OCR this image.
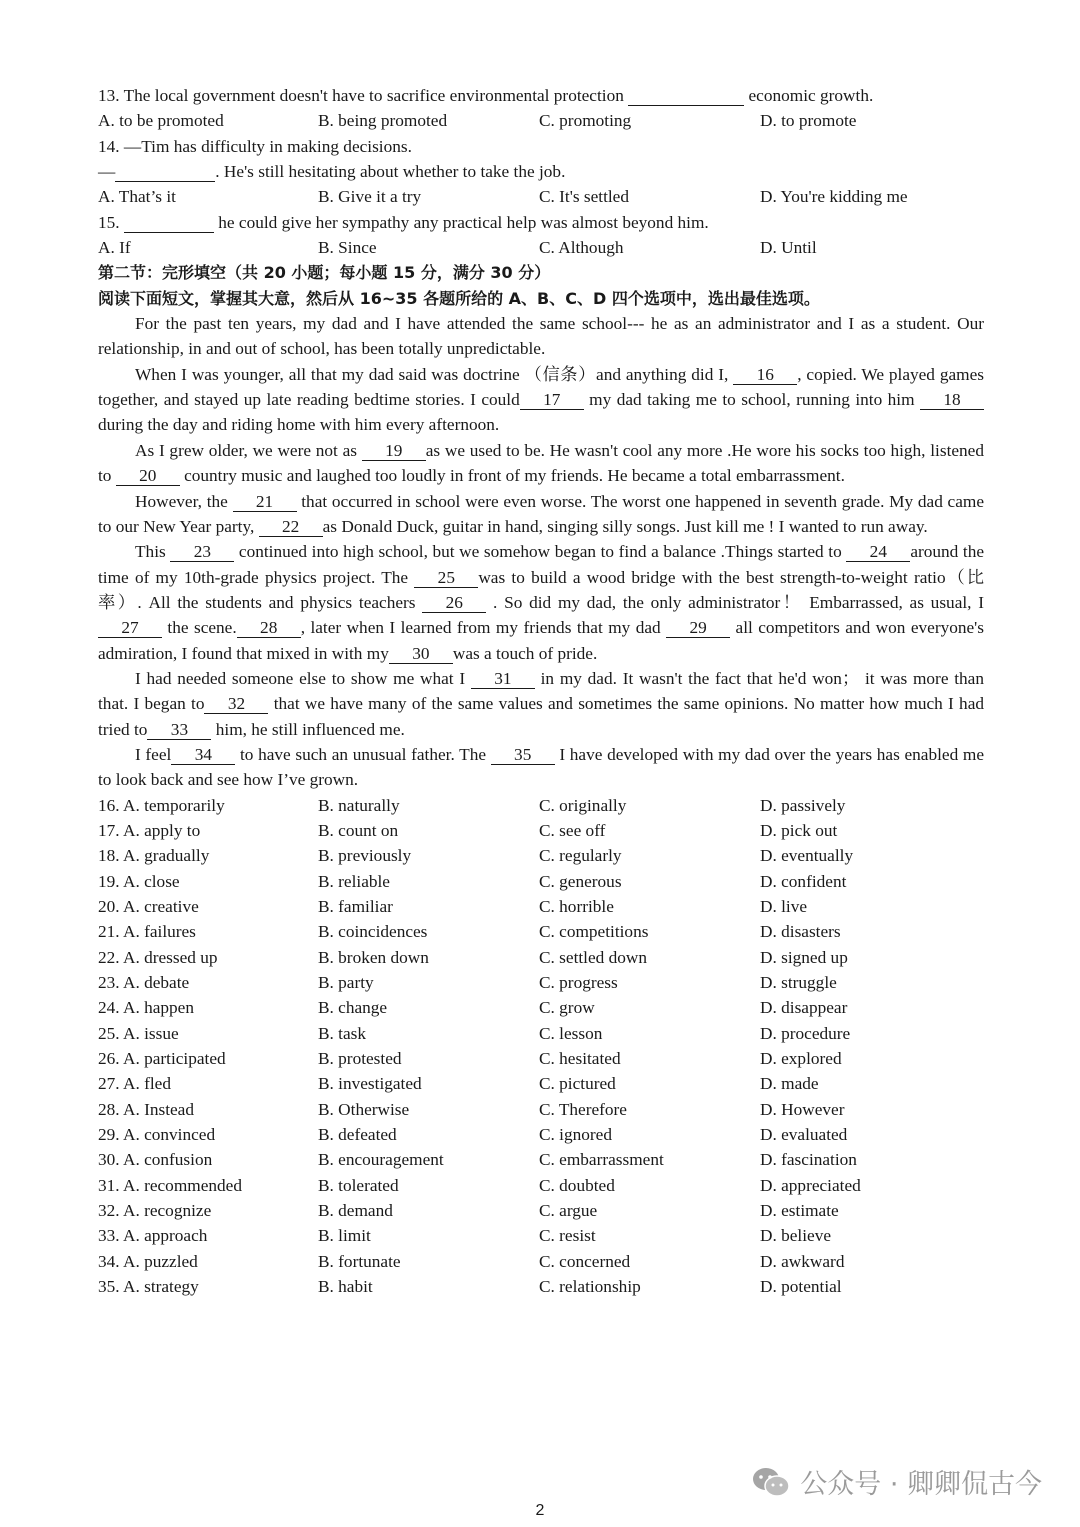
13. The local government doesn't have to sacrifice environmental protection	economic growth.
A. to be promoted	B. being promoted	C. promoting	D. to promote
14. —Tim has difficulty in making decisions.
—	. He's still hesitating about whether to take the job.
A. That’s it	B. Give it a try	C. It's settled	D. You're kidding me
15.	he could give her sympathy any practical help was almost beyond him.
A. If	B. Since	C. Although	D. Until
第二节：完形填空（共 20 小题；每小题 15 分，满分 30 分）
阅读下面短文，掌握其大意，然后从 16~35 各题所给的 A、B、C、D 四个选项中，选出最佳选项。
For the past ten years, my dad and I have attended the same school--- he as an administrator and I as a student. Our relationship, in and out of school, has been totally unpredictable.
When I was younger, all that my dad said was doctrine （信条）and anything did I, 16 , copied. We played games together, and stayed up late reading bedtime stories. I could 17 my dad taking me to school, running into him 18 during the day and riding home with him every afternoon.
As I grew older, we were not as 19 as we used to be. He wasn't cool any more .He wore his socks too high, listened to 20 country music and laughed too loudly in front of my friends. He became a total embarrassment.
However, the 21 that occurred in school were even worse. The worst one happened in seventh grade. My dad came to our New Year party, 22 as Donald Duck, guitar in hand, singing silly songs. Just kill me ! I wanted to run away.
This 23 continued into high school, but we somehow began to find a balance .Things started to 24 around the time of my 10th-grade physics project. The 25 was to build a wood bridge with the best strength-to-weight ratio（比率）. All the students and physics teachers 26 . So did my dad, the only administrator！ Embarrassed, as usual, I 27 the scene. 28 , later when I learned from my friends that my dad 29 all competitors and won everyone's admiration, I found that mixed in with my 30 was a touch of pride.
I had needed someone else to show me what I 31 in my dad. It wasn't the fact that he'd won； it was more than that. I began to 32 that we have many of the same values and sometimes the same opinions. No matter how much I had tried to 33 him, he still influenced me.
I feel 34 to have such an unusual father. The 35 I have developed with my dad over the years has enabled me to look back and see how I’ve grown.
16. A. temporarily	B. naturally	C. originally	D. passively
17. A. apply to	B. count on	C. see off	D. pick out
18. A. gradually	B. previously	C. regularly	D. eventually
19. A. close	B. reliable	C. generous	D. confident
20. A. creative	B. familiar	C. horrible	D. live
21. A. failures	B. coincidences	C. competitions	D. disasters
22. A. dressed up	B. broken down	C. settled down	D. signed up
23. A. debate	B. party	C. progress	D. struggle
24. A. happen	B. change	C. grow	D. disappear
25. A. issue	B. task	C. lesson	D. procedure
26. A. participated	B. protested	C. hesitated	D. explored
27. A. fled	B. investigated	C. pictured	D. made
28. A. Instead	B. Otherwise	C. Therefore	D. However
29. A. convinced	B. defeated	C. ignored	D. evaluated
30. A. confusion	B. encouragement	C. embarrassment	D. fascination
31. A. recommended	B. tolerated	C. doubted	D. appreciated
32. A. recognize	B. demand	C. argue	D. estimate
33. A. approach	B. limit	C. resist	D. believe
34. A. puzzled	B. fortunate	C. concerned	D. awkward
35. A. strategy	B. habit	C. relationship	D. potential
公众号 · 卿卿侃古今
2
